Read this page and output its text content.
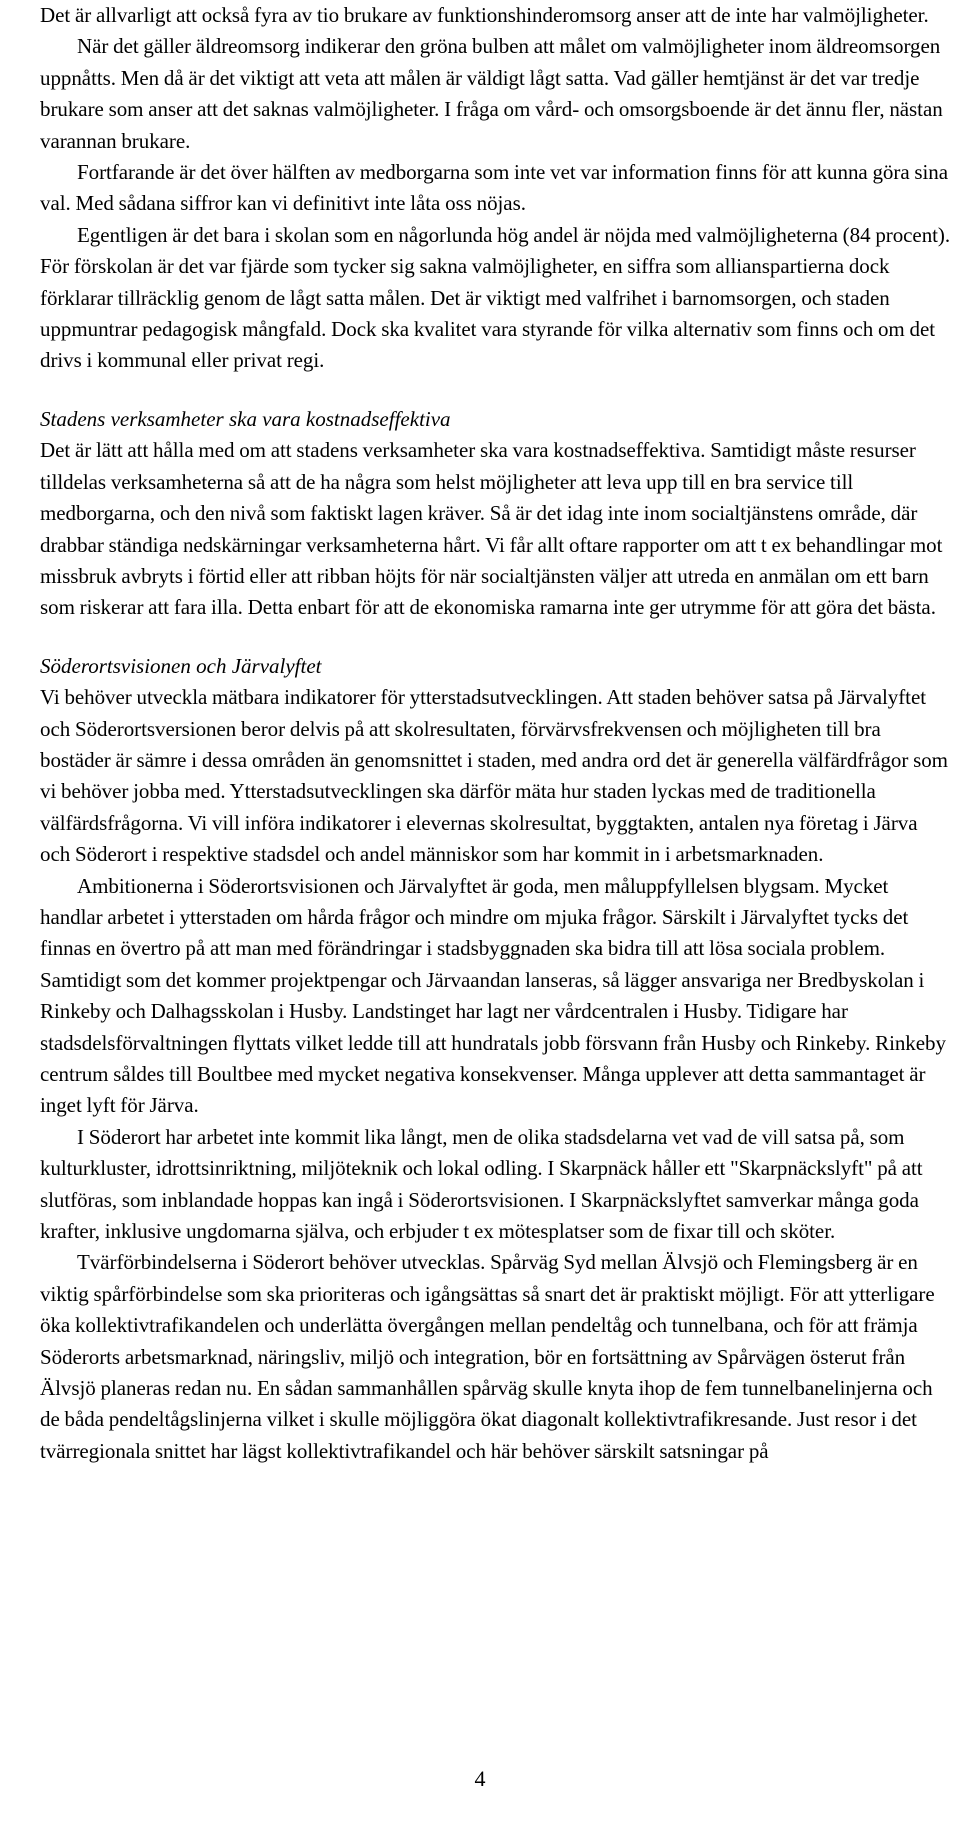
Det är allvarligt att också fyra av tio brukare av funktionshinderomsorg anser att de inte har valmöjligheter.

När det gäller äldreomsorg indikerar den gröna bulben att målet om valmöjligheter inom äldreomsorgen uppnåtts. Men då är det viktigt att veta att målen är väldigt lågt satta. Vad gäller hemtjänst är det var tredje brukare som anser att det saknas valmöjligheter. I fråga om vård- och omsorgsboende är det ännu fler, nästan varannan brukare.

Fortfarande är det över hälften av medborgarna som inte vet var information finns för att kunna göra sina val. Med sådana siffror kan vi definitivt inte låta oss nöjas.

Egentligen är det bara i skolan som en någorlunda hög andel är nöjda med valmöjligheterna (84 procent). För förskolan är det var fjärde som tycker sig sakna valmöjligheter, en siffra som allianspartierna dock förklarar tillräcklig genom de lågt satta målen. Det är viktigt med valfrihet i barnomsorgen, och staden uppmuntrar pedagogisk mångfald. Dock ska kvalitet vara styrande för vilka alternativ som finns och om det drivs i kommunal eller privat regi.

Stadens verksamheter ska vara kostnadseffektiva

Det är lätt att hålla med om att stadens verksamheter ska vara kostnadseffektiva. Samtidigt måste resurser tilldelas verksamheterna så att de ha några som helst möjligheter att leva upp till en bra service till medborgarna, och den nivå som faktiskt lagen kräver. Så är det idag inte inom socialtjänstens område, där drabbar ständiga nedskärningar verksamheterna hårt. Vi får allt oftare rapporter om att t ex behandlingar mot missbruk avbryts i förtid eller att ribban höjts för när socialtjänsten väljer att utreda en anmälan om ett barn som riskerar att fara illa. Detta enbart för att de ekonomiska ramarna inte ger utrymme för att göra det bästa.

Söderortsvisionen och Järvalyftet

Vi behöver utveckla mätbara indikatorer för ytterstadsutvecklingen. Att staden behöver satsa på Järvalyftet och Söderortsversionen beror delvis på att skolresultaten, förvärvsfrekvensen och möjligheten till bra bostäder är sämre i dessa områden än genomsnittet i staden, med andra ord det är generella välfärdfrågor som vi behöver jobba med. Ytterstadsutvecklingen ska därför mäta hur staden lyckas med de traditionella välfärdsfrågorna. Vi vill införa indikatorer i elevernas skolresultat, byggtakten, antalen nya företag i Järva och Söderort i respektive stadsdel och andel människor som har kommit in i arbetsmarknaden.

Ambitionerna i Söderortsvisionen och Järvalyftet är goda, men måluppfyllelsen blygsam. Mycket handlar arbetet i ytterstaden om hårda frågor och mindre om mjuka frågor. Särskilt i Järvalyftet tycks det finnas en övertro på att man med förändringar i stadsbyggnaden ska bidra till att lösa sociala problem. Samtidigt som det kommer projektpengar och Järvaandan lanseras, så lägger ansvariga ner Bredbyskolan i Rinkeby och Dalhagsskolan i Husby. Landstinget har lagt ner vårdcentralen i Husby. Tidigare har stadsdelsförvaltningen flyttats vilket ledde till att hundratals jobb försvann från Husby och Rinkeby. Rinkeby centrum såldes till Boultbee med mycket negativa konsekvenser. Många upplever att detta sammantaget är inget lyft för Järva.

I Söderort har arbetet inte kommit lika långt, men de olika stadsdelarna vet vad de vill satsa på, som kulturkluster, idrottsinriktning, miljöteknik och lokal odling. I Skarpnäck håller ett "Skarpnäckslyft" på att slutföras, som inblandade hoppas kan ingå i Söderortsvisionen. I Skarpnäckslyftet samverkar många goda krafter, inklusive ungdomarna själva, och erbjuder t ex mötesplatser som de fixar till och sköter.

Tvärförbindelserna i Söderort behöver utvecklas. Spårväg Syd mellan Älvsjö och Flemingsberg är en viktig spårförbindelse som ska prioriteras och igångsättas så snart det är praktiskt möjligt. För att ytterligare öka kollektivtrafikandelen och underlätta övergången mellan pendeltåg och tunnelbana, och för att främja Söderorts arbetsmarknad, näringsliv, miljö och integration, bör en fortsättning av Spårvägen österut från Älvsjö planeras redan nu. En sådan sammanhållen spårväg skulle knyta ihop de fem tunnelbanelinjerna och de båda pendeltågslinjerna vilket i skulle möjliggöra ökat diagonalt kollektivtrafikresande. Just resor i det tvärregionala snittet har lägst kollektivtrafikandel och här behöver särskilt satsningar på

4
